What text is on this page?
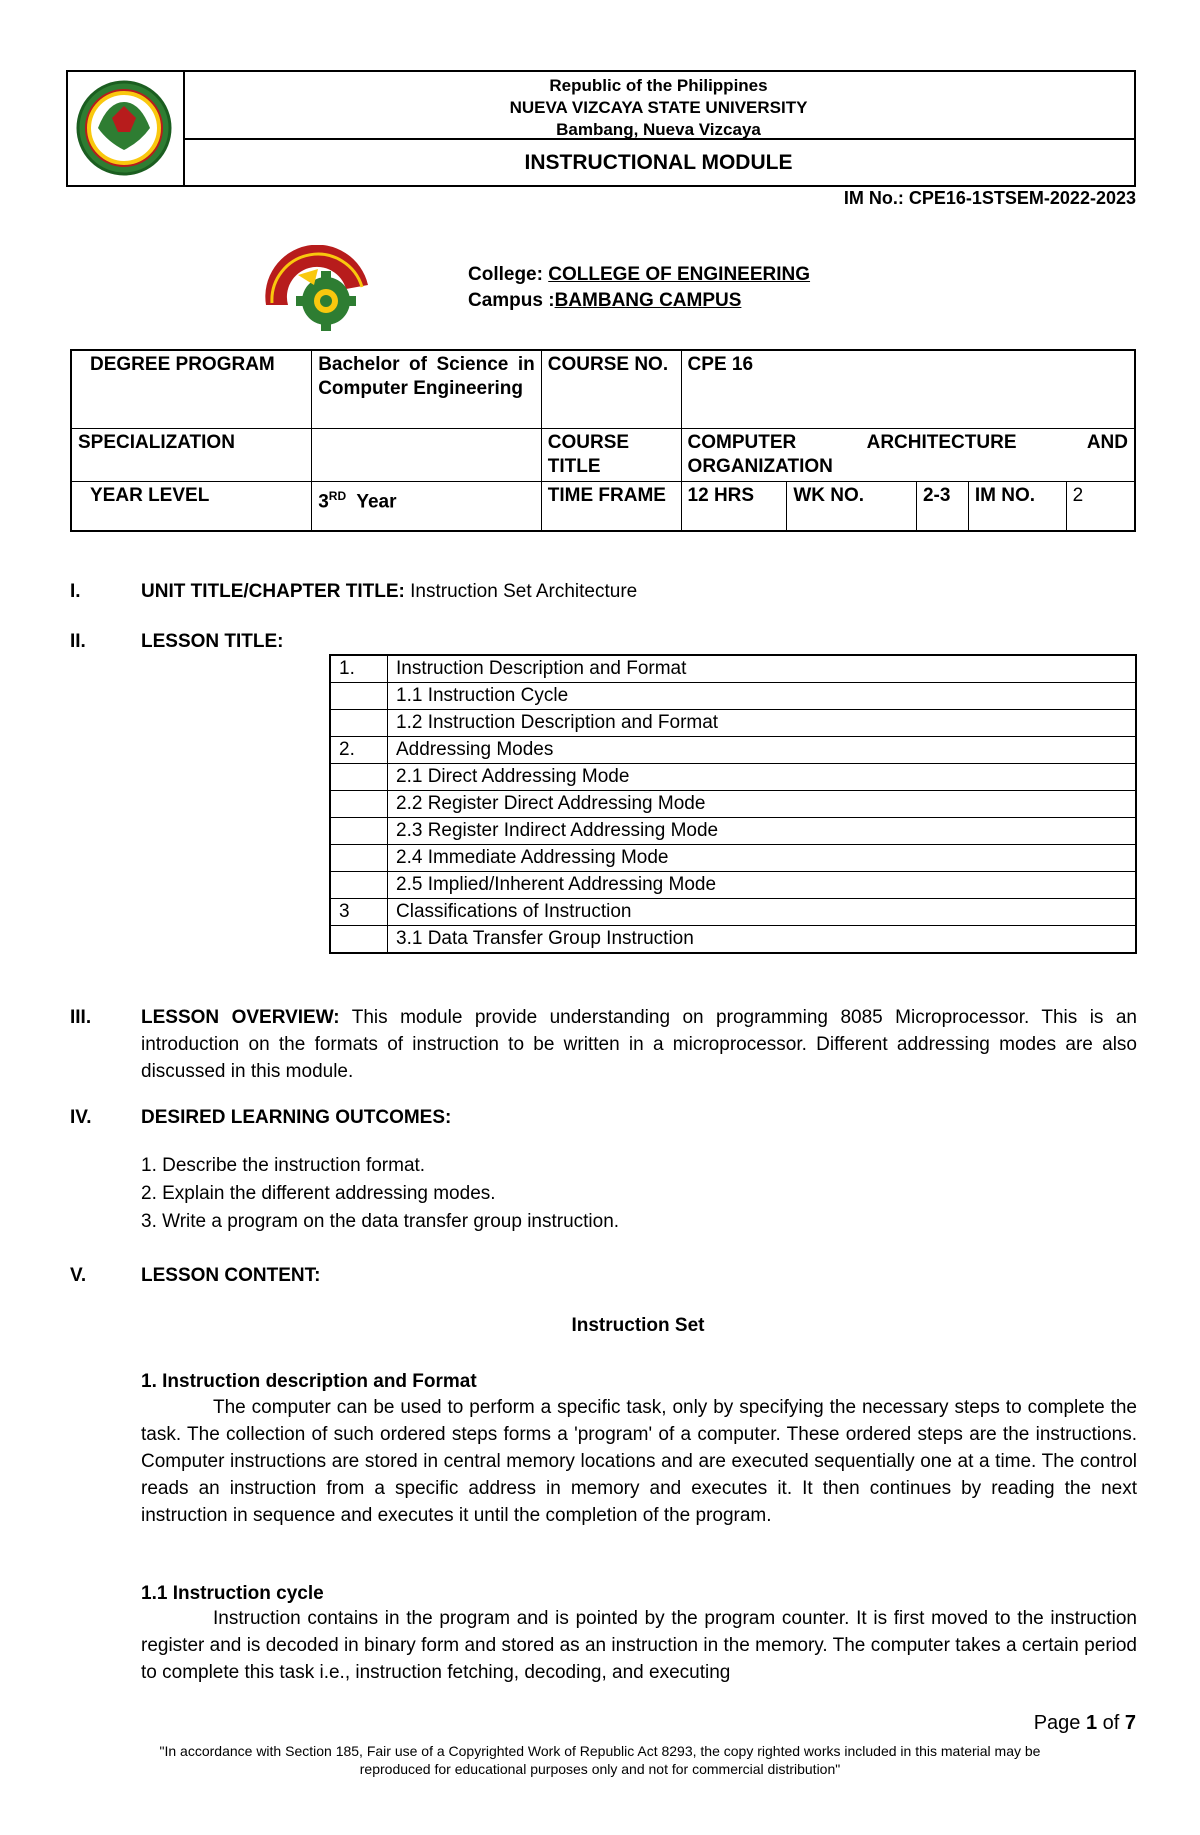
Republic of the Philippines
NUEVA VIZCAYA STATE UNIVERSITY
Bambang, Nueva Vizcaya
INSTRUCTIONAL MODULE
IM No.: CPE16-1STSEM-2022-2023
College: COLLEGE OF ENGINEERING
Campus :BAMBANG CAMPUS
DEGREE PROGRAM	Bachelor of Science in Computer Engineering	COURSE NO.	CPE 16				
SPECIALIZATION		COURSE TITLE	COMPUTER ARCHITECTURE AND ORGANIZATION				
YEAR LEVEL	3RD Year	TIME FRAME	12 HRS	WK NO.	2-3	IM NO.	2
I.	UNIT TITLE/CHAPTER TITLE: Instruction Set Architecture
II.	LESSON TITLE:
1.	Instruction Description and Format
	1.1 Instruction Cycle
	1.2 Instruction Description and Format
2.	Addressing Modes
	2.1 Direct Addressing Mode
	2.2 Register Direct Addressing Mode
	2.3 Register Indirect Addressing Mode
	2.4 Immediate Addressing Mode
	2.5 Implied/Inherent Addressing Mode
3	Classifications of Instruction
	3.1 Data Transfer Group Instruction
III.	LESSON OVERVIEW: This module provide understanding on programming 8085 Microprocessor. This is an introduction on the formats of instruction to be written in a microprocessor. Different addressing modes are also discussed in this module.
IV.	DESIRED LEARNING OUTCOMES:
1. Describe the instruction format.
2. Explain the different addressing modes.
3. Write a program on the data transfer group instruction.
V.	LESSON CONTENT:
Instruction Set
1. Instruction description and Format
The computer can be used to perform a specific task, only by specifying the necessary steps to complete the task. The collection of such ordered steps forms a 'program' of a computer. These ordered steps are the instructions. Computer instructions are stored in central memory locations and are executed sequentially one at a time. The control reads an instruction from a specific address in memory and executes it. It then continues by reading the next instruction in sequence and executes it until the completion of the program.
1.1 Instruction cycle
Instruction contains in the program and is pointed by the program counter. It is first moved to the instruction register and is decoded in binary form and stored as an instruction in the memory. The computer takes a certain period to complete this task i.e., instruction fetching, decoding, and executing
Page 1 of 7
"In accordance with Section 185, Fair use of a Copyrighted Work of Republic Act 8293, the copy righted works included in this material may be
reproduced for educational purposes only and not for commercial distribution"
